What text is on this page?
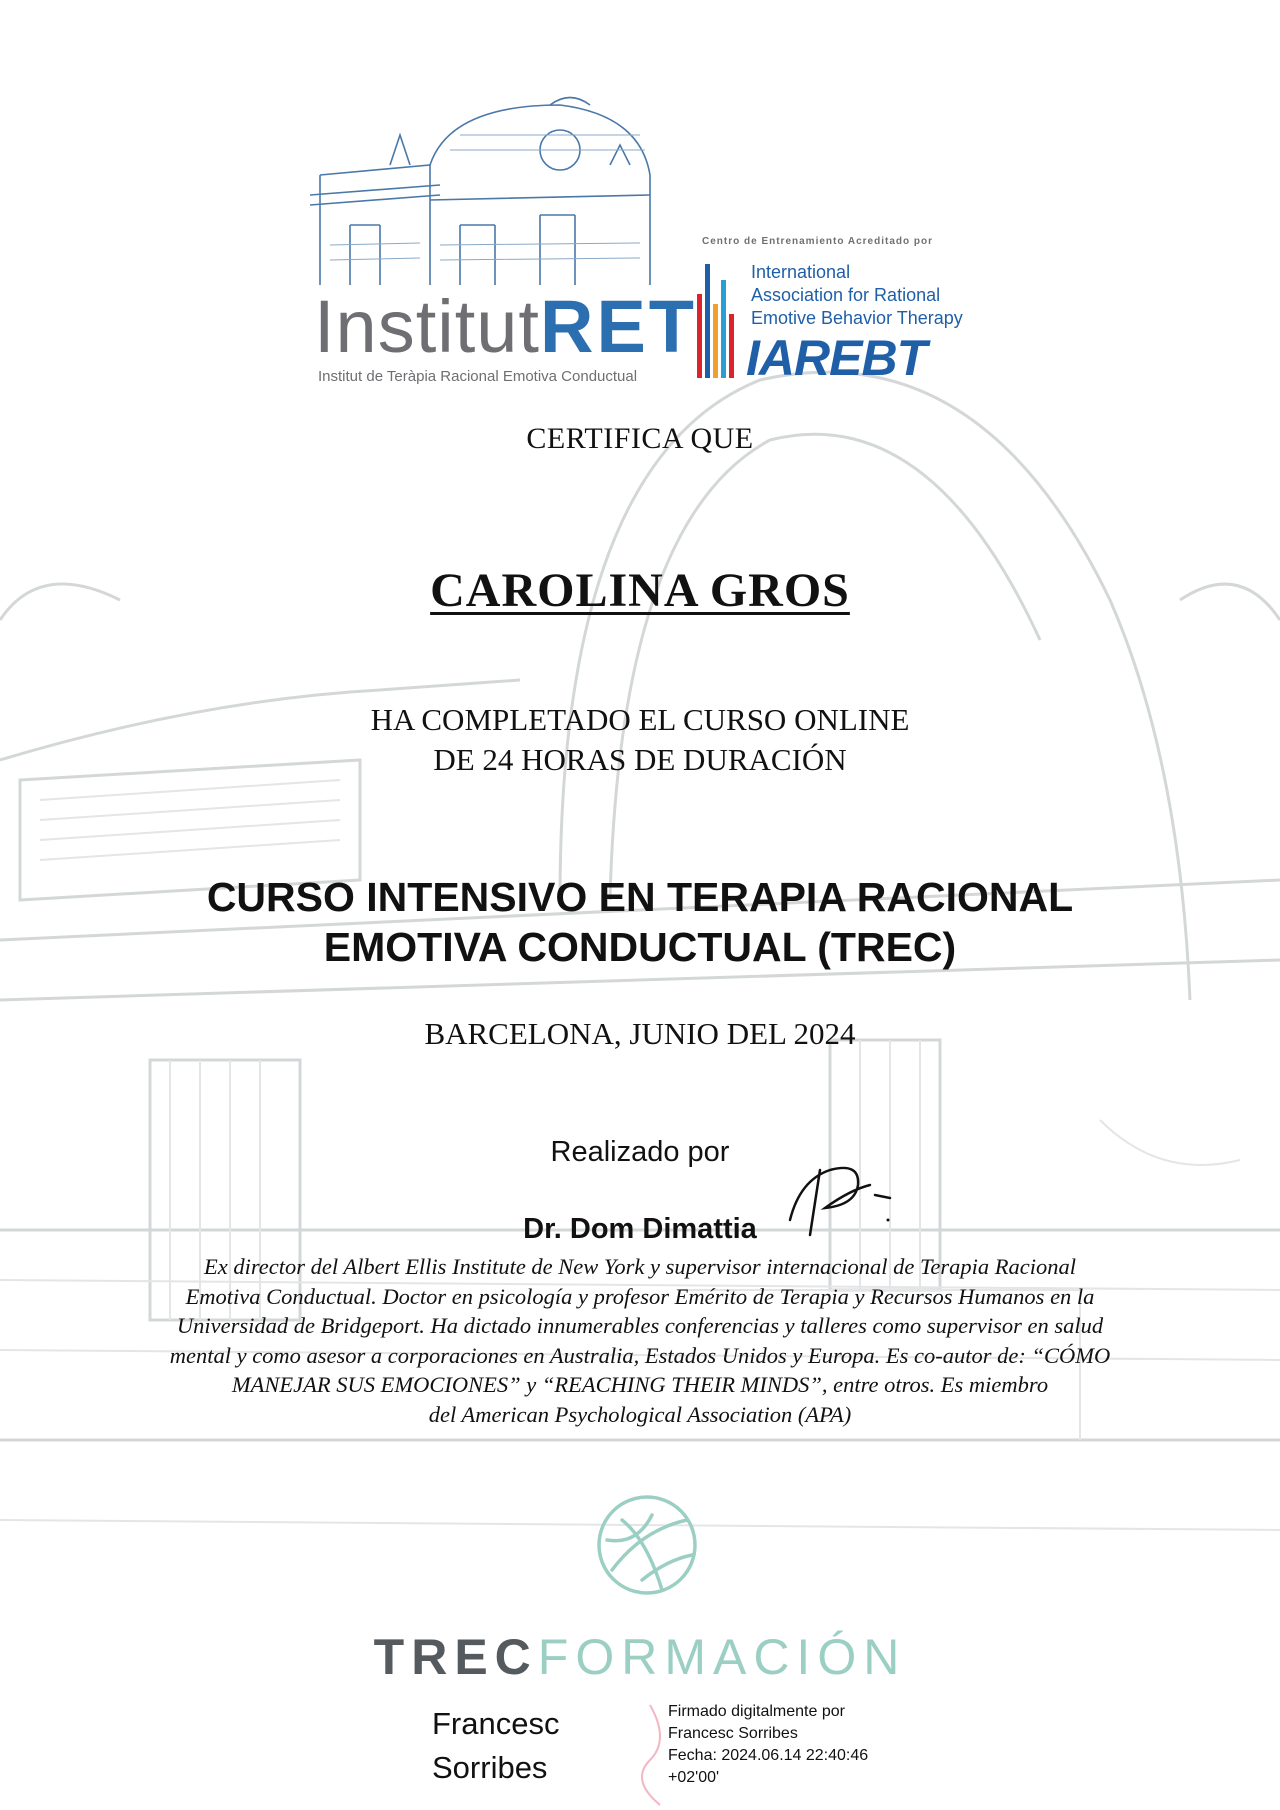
InstitutRET
Institut de Teràpia Racional Emotiva Conductual
Centro de Entrenamiento Acreditado por
International
Association for Rational
Emotive Behavior Therapy
IAREBT
CERTIFICA QUE
CAROLINA GROS
HA COMPLETADO EL CURSO ONLINE
DE 24 HORAS DE DURACIÓN
CURSO INTENSIVO EN TERAPIA RACIONAL
EMOTIVA CONDUCTUAL (TREC)
BARCELONA, JUNIO DEL 2024
Realizado por
Dr. Dom Dimattia
Ex director del Albert Ellis Institute de New York y supervisor internacional de Terapia Racional
Emotiva Conductual. Doctor en psicología y profesor Emérito de Terapia y Recursos Humanos en la
Universidad de Bridgeport. Ha dictado innumerables conferencias y talleres como supervisor en salud
mental y como asesor a corporaciones en Australia, Estados Unidos y Europa. Es co-autor de: “CÓMO
MANEJAR SUS EMOCIONES” y “REACHING THEIR MINDS”, entre otros. Es miembro
del American Psychological Association (APA)
TRECFORMACIÓN
Francesc
Sorribes
Firmado digitalmente por
Francesc Sorribes
Fecha: 2024.06.14 22:40:46
+02'00'
